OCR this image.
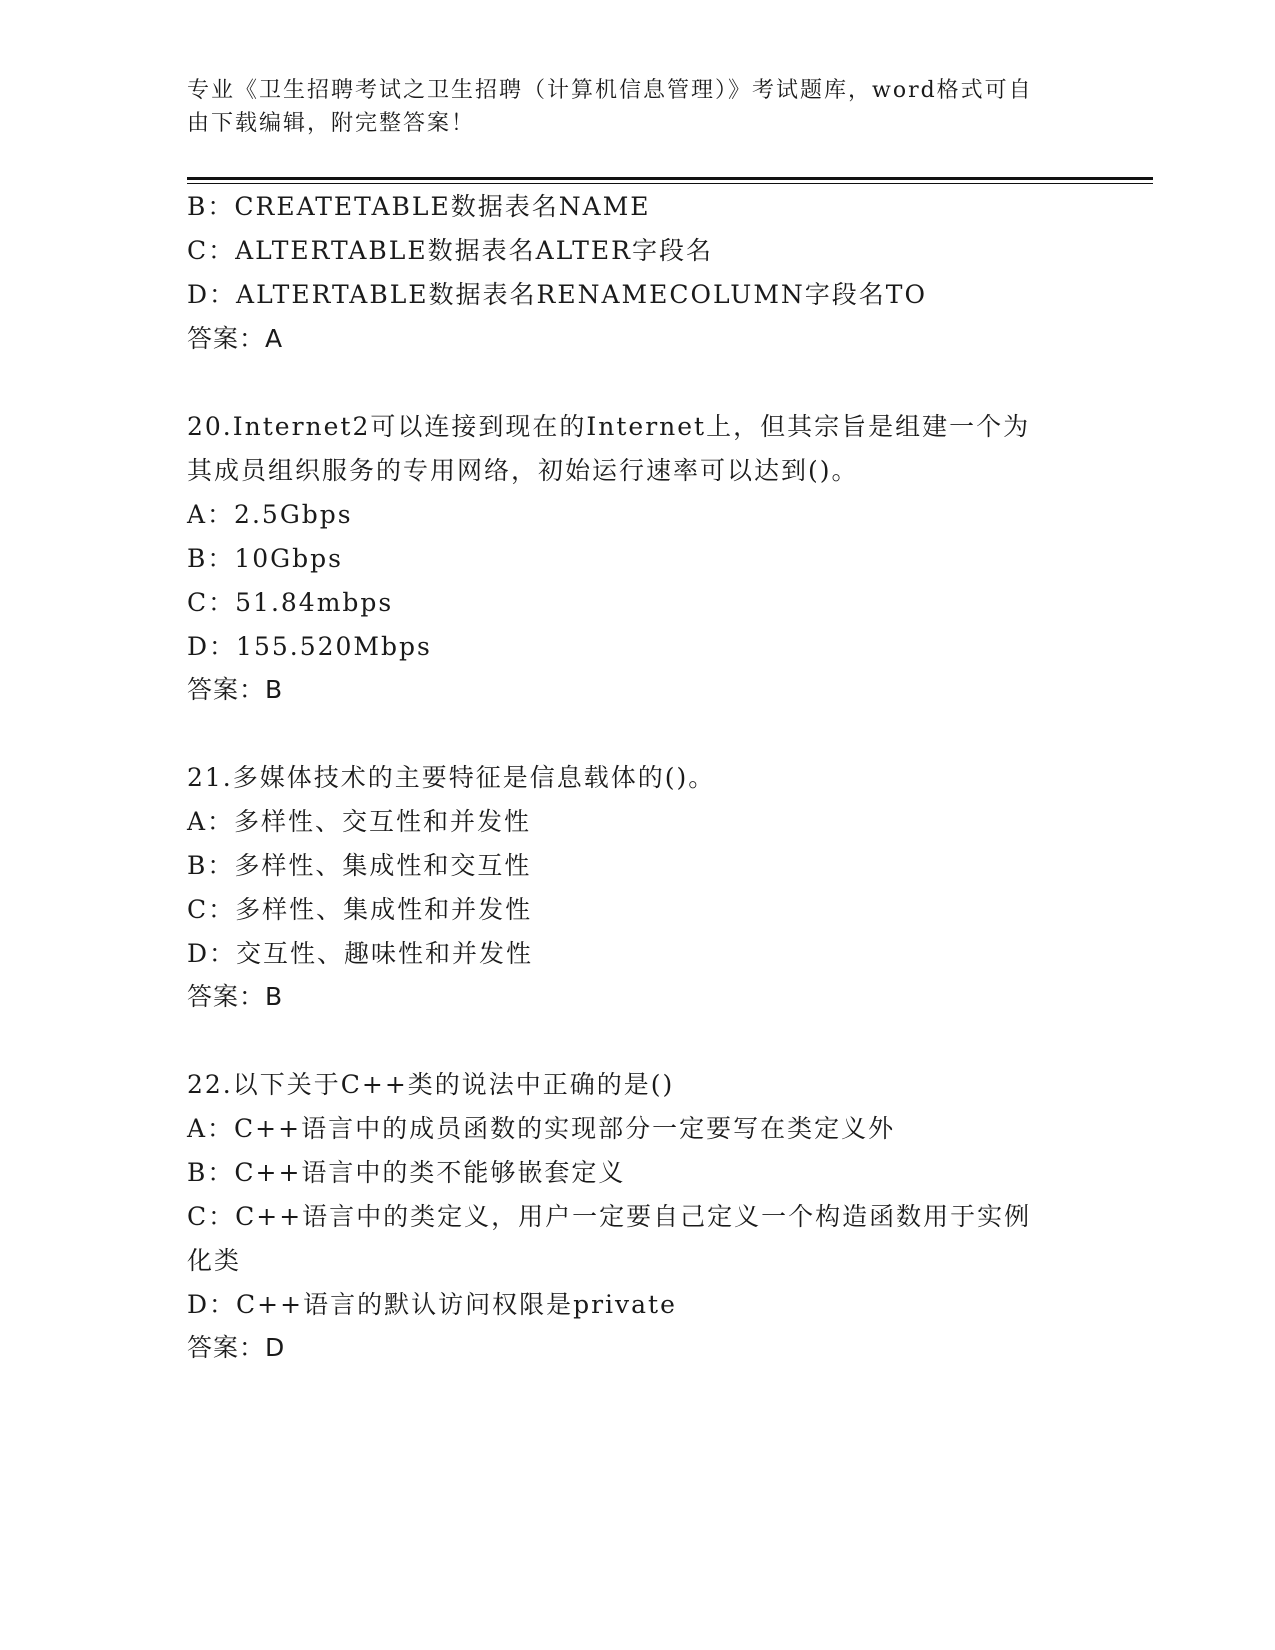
专业《卫生招聘考试之卫生招聘（计算机信息管理）》考试题库，word格式可自
由下载编辑，附完整答案！
B：CREATETABLE数据表名NAME
C：ALTERTABLE数据表名ALTER字段名
D：ALTERTABLE数据表名RENAMECOLUMN字段名TO
答案：A
20.Internet2可以连接到现在的Internet上，但其宗旨是组建一个为
其成员组织服务的专用网络，初始运行速率可以达到()。
A：2.5Gbps
B：10Gbps
C：51.84mbps
D：155.520Mbps
答案：B
21.多媒体技术的主要特征是信息载体的()。
A：多样性、交互性和并发性
B：多样性、集成性和交互性
C：多样性、集成性和并发性
D：交互性、趣味性和并发性
答案：B
22.以下关于C++类的说法中正确的是()
A：C++语言中的成员函数的实现部分一定要写在类定义外
B：C++语言中的类不能够嵌套定义
C：C++语言中的类定义，用户一定要自己定义一个构造函数用于实例
化类
D：C++语言的默认访问权限是private
答案：D
